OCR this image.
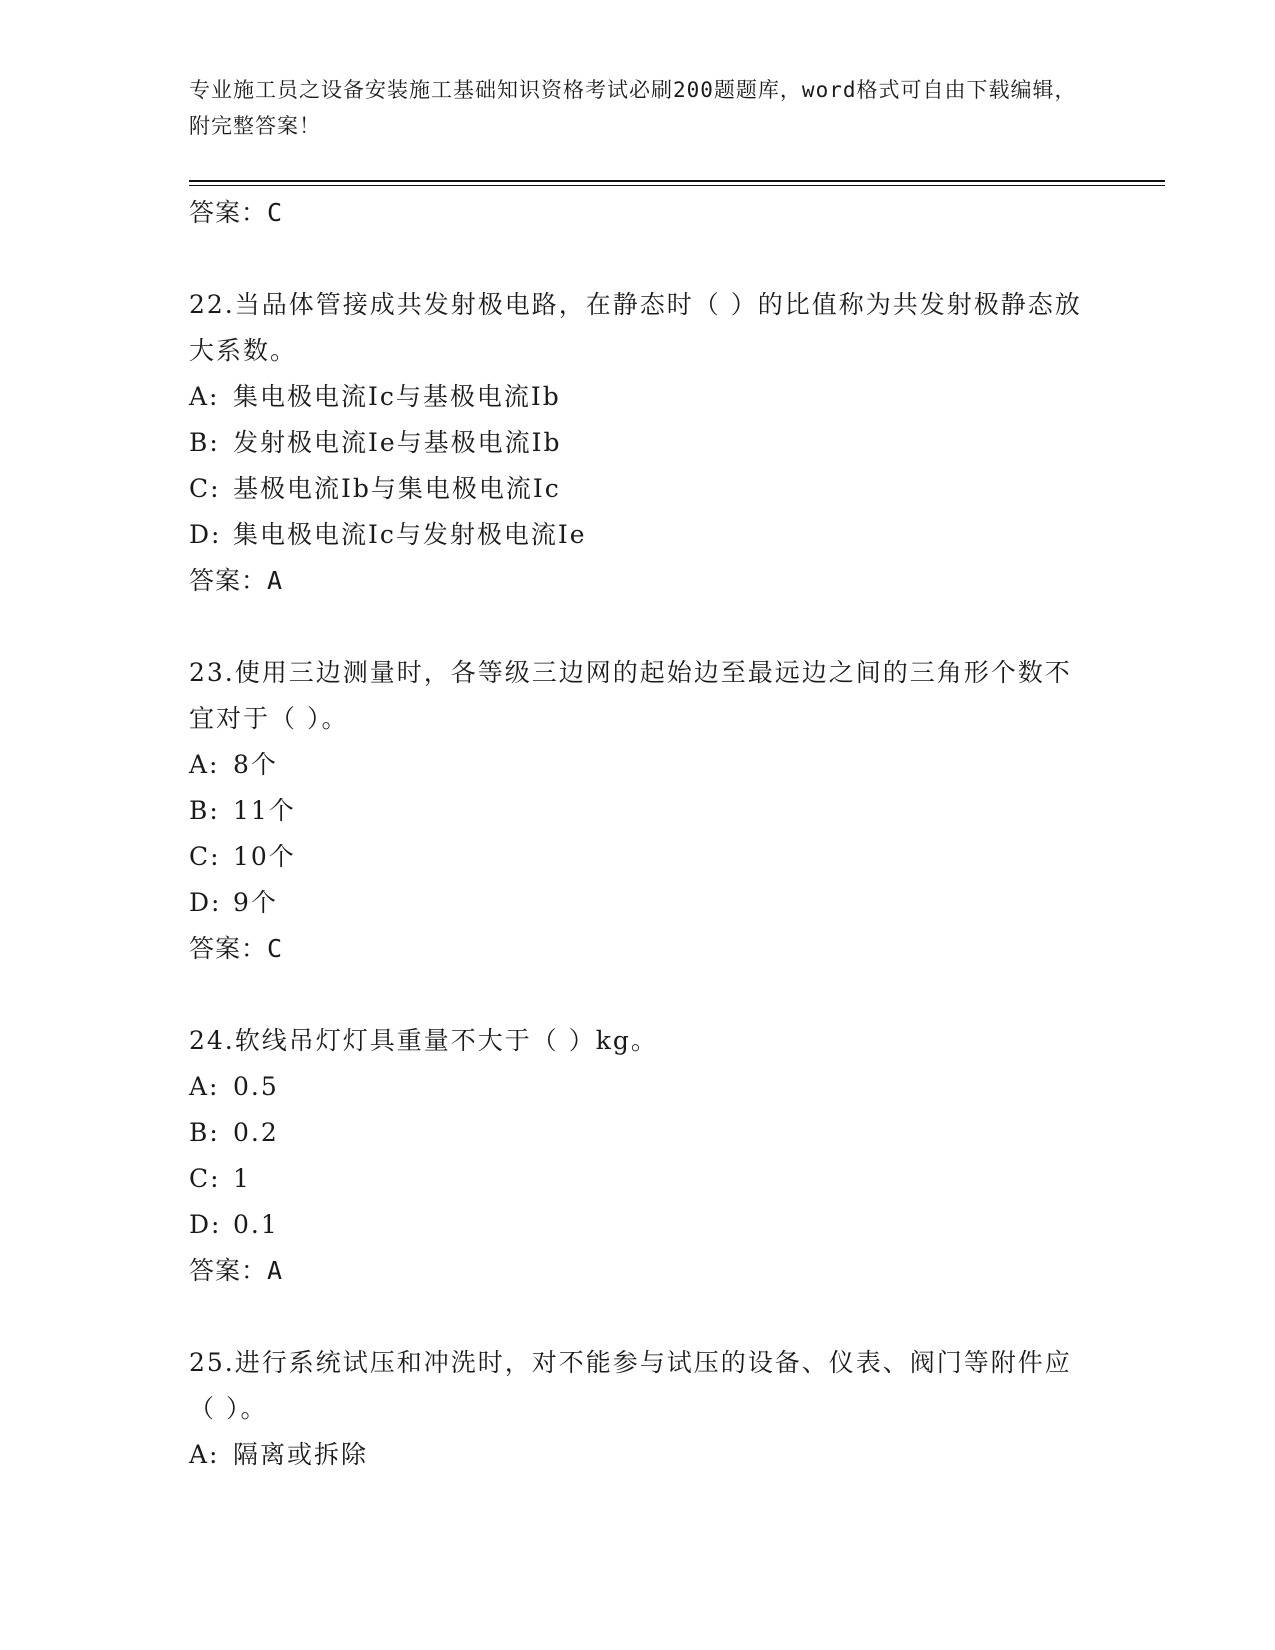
专业施工员之设备安装施工基础知识资格考试必刷200题题库，word格式可自由下载编辑，附完整答案！
答案：C
22.当品体管接成共发射极电路，在静态时（ ）的比值称为共发射极静态放大系数。
A: 集电极电流Ic与基极电流Ib
B: 发射极电流Ie与基极电流Ib
C: 基极电流Ib与集电极电流Ic
D: 集电极电流Ic与发射极电流Ie
答案：A
23.使用三边测量时，各等级三边网的起始边至最远边之间的三角形个数不宜对于（ ）。
A: 8个
B: 11个
C: 10个
D: 9个
答案：C
24.软线吊灯灯具重量不大于（ ）kg。
A: 0.5
B: 0.2
C: 1
D: 0.1
答案：A
25.进行系统试压和冲洗时，对不能参与试压的设备、仪表、阀门等附件应（ ）。
A: 隔离或拆除
